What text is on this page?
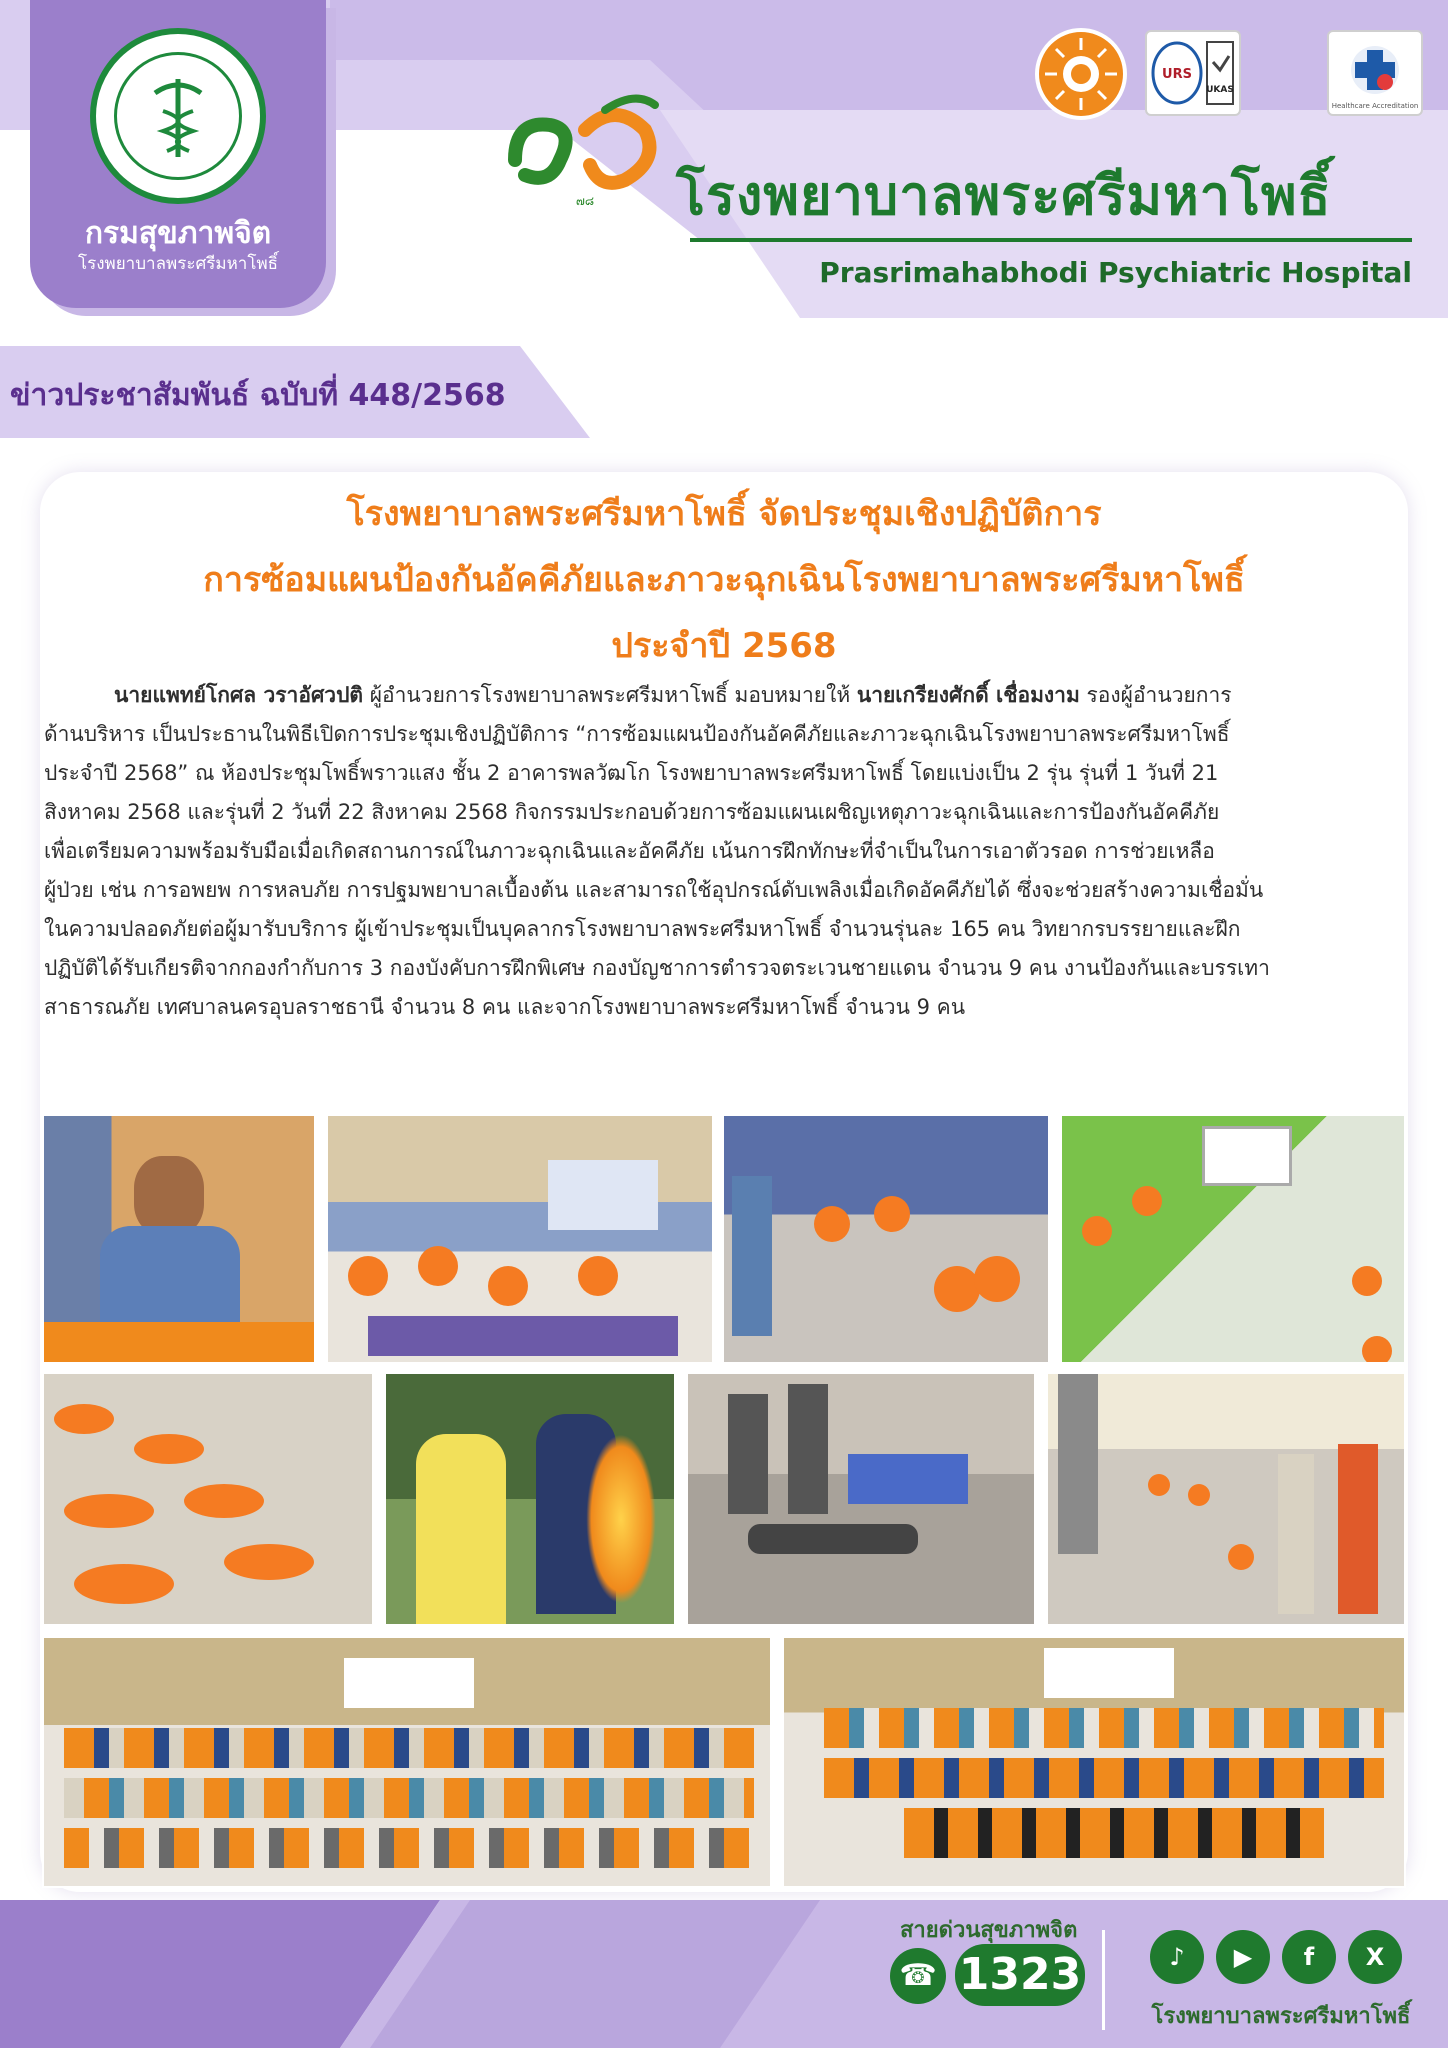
กรมสุขภาพจิต
โรงพยาบาลพระศรีมหาโพธิ์
URS
UKAS
Healthcare Accreditation
๗๘ โรงพยาบาลพระศรีมหาโพธิ์
Prasrimahabhodi Psychiatric Hospital
ข่าวประชาสัมพันธ์ ฉบับที่ 448/2568
โรงพยาบาลพระศรีมหาโพธิ์ จัดประชุมเชิงปฏิบัติการ
การซ้อมแผนป้องกันอัคคีภัยและภาวะฉุกเฉินโรงพยาบาลพระศรีมหาโพธิ์
ประจำปี 2568
นายแพทย์โกศล วราอัศวปติ ผู้อำนวยการโรงพยาบาลพระศรีมหาโพธิ์ มอบหมายให้ นายเกรียงศักดิ์ เชื่อมงาม รองผู้อำนวยการ
ด้านบริหาร เป็นประธานในพิธีเปิดการประชุมเชิงปฏิบัติการ “การซ้อมแผนป้องกันอัคคีภัยและภาวะฉุกเฉินโรงพยาบาลพระศรีมหาโพธิ์
ประจำปี 2568” ณ ห้องประชุมโพธิ์พราวแสง ชั้น 2 อาคารพลวัฒโก โรงพยาบาลพระศรีมหาโพธิ์ โดยแบ่งเป็น 2 รุ่น รุ่นที่ 1 วันที่ 21
สิงหาคม 2568 และรุ่นที่ 2 วันที่ 22 สิงหาคม 2568 กิจกรรมประกอบด้วยการซ้อมแผนเผชิญเหตุภาวะฉุกเฉินและการป้องกันอัคคีภัย
เพื่อเตรียมความพร้อมรับมือเมื่อเกิดสถานการณ์ในภาวะฉุกเฉินและอัคคีภัย เน้นการฝึกทักษะที่จำเป็นในการเอาตัวรอด การช่วยเหลือ
ผู้ป่วย เช่น การอพยพ การหลบภัย การปฐมพยาบาลเบื้องต้น และสามารถใช้อุปกรณ์ดับเพลิงเมื่อเกิดอัคคีภัยได้ ซึ่งจะช่วยสร้างความเชื่อมั่น
ในความปลอดภัยต่อผู้มารับบริการ ผู้เข้าประชุมเป็นบุคลากรโรงพยาบาลพระศรีมหาโพธิ์ จำนวนรุ่นละ 165 คน วิทยากรบรรยายและฝึก
ปฏิบัติได้รับเกียรติจากกองกำกับการ 3 กองบังคับการฝึกพิเศษ กองบัญชาการตำรวจตระเวนชายแดน จำนวน 9 คน งานป้องกันและบรรเทา
สาธารณภัย เทศบาลนครอุบลราชธานี จำนวน 8 คน และจากโรงพยาบาลพระศรีมหาโพธิ์ จำนวน 9 คน
สายด่วนสุขภาพจิต
☎ 1323	♪	▶	f	X
โรงพยาบาลพระศรีมหาโพธิ์
